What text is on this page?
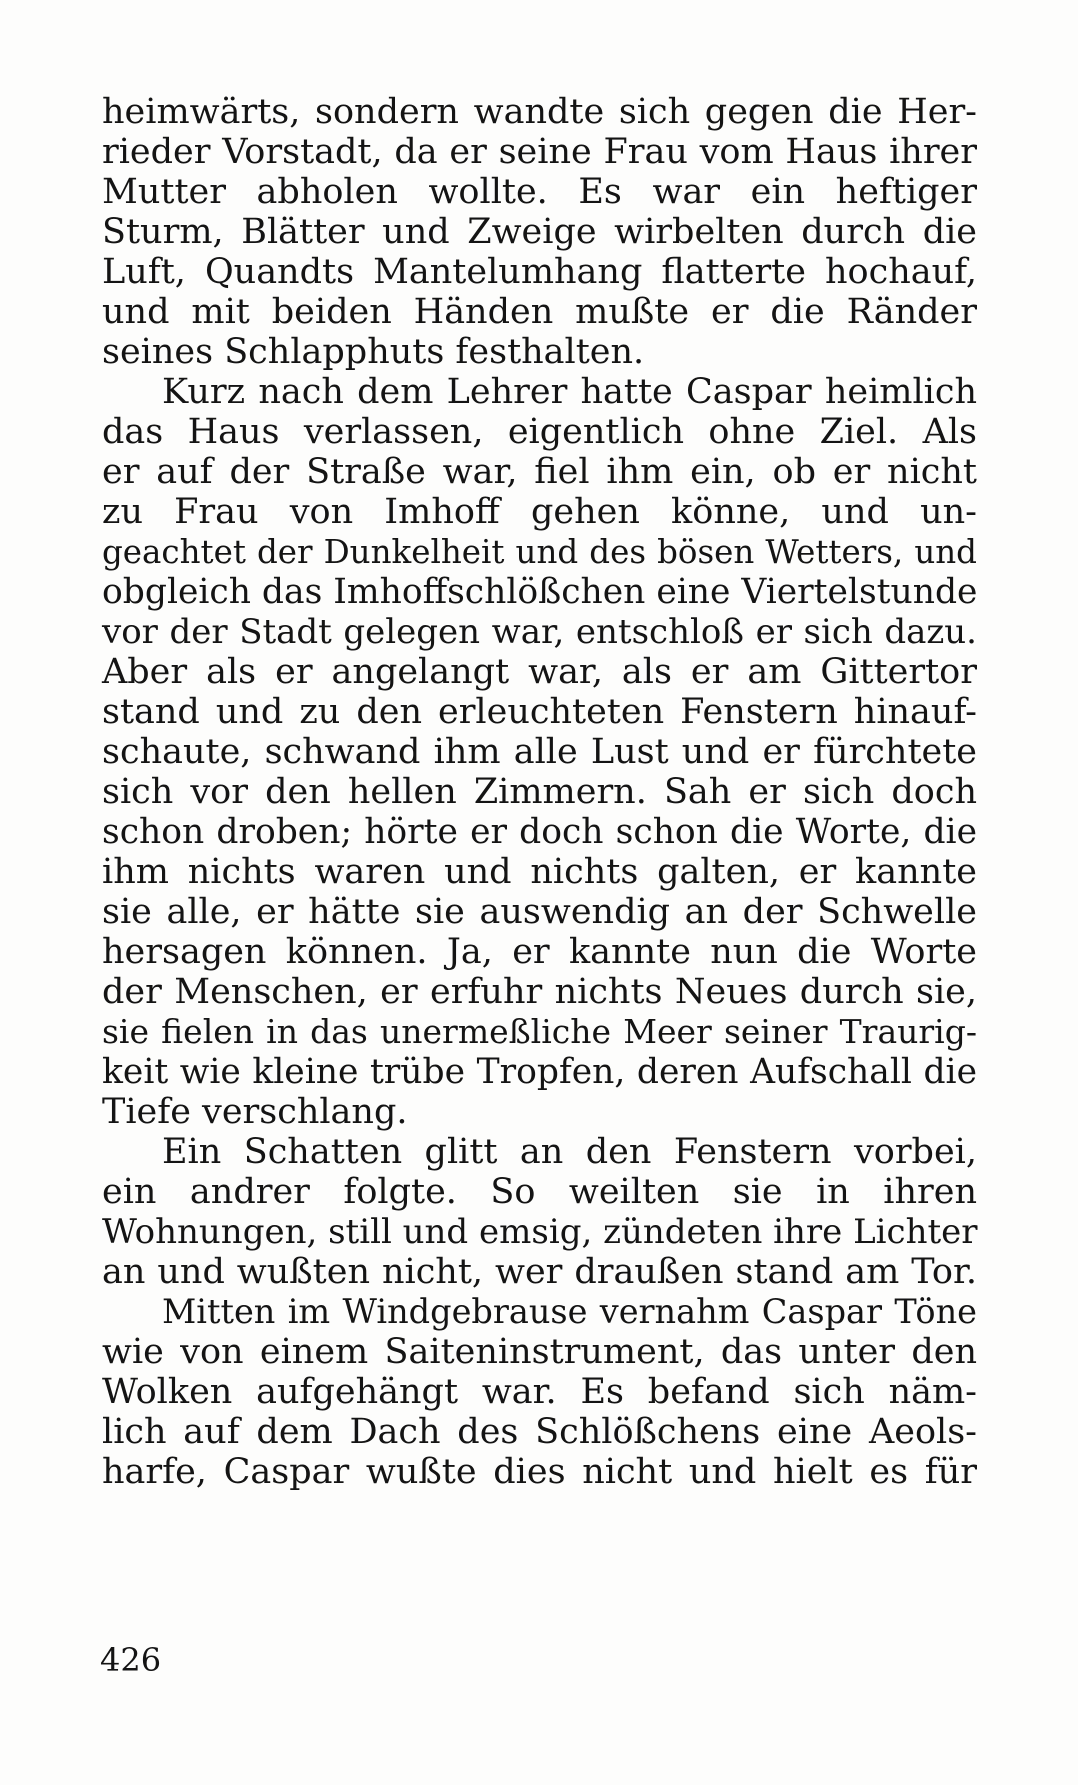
heimwärts, sondern wandte sich gegen die Her-
rieder Vorstadt, da er seine Frau vom Haus ihrer
Mutter abholen wollte. Es war ein heftiger
Sturm, Blätter und Zweige wirbelten durch die
Luft, Quandts Mantelumhang flatterte hochauf,
und mit beiden Händen mußte er die Ränder
seines Schlapphuts festhalten.
Kurz nach dem Lehrer hatte Caspar heimlich
das Haus verlassen, eigentlich ohne Ziel. Als
er auf der Straße war, fiel ihm ein, ob er nicht
zu Frau von Imhoff gehen könne, und un-
geachtet der Dunkelheit und des bösen Wetters, und
obgleich das Imhoffschlößchen eine Viertelstunde
vor der Stadt gelegen war, entschloß er sich dazu.
Aber als er angelangt war, als er am Gittertor
stand und zu den erleuchteten Fenstern hinauf-
schaute, schwand ihm alle Lust und er fürchtete
sich vor den hellen Zimmern. Sah er sich doch
schon droben; hörte er doch schon die Worte, die
ihm nichts waren und nichts galten, er kannte
sie alle, er hätte sie auswendig an der Schwelle
hersagen können. Ja, er kannte nun die Worte
der Menschen, er erfuhr nichts Neues durch sie,
sie fielen in das unermeßliche Meer seiner Traurig-
keit wie kleine trübe Tropfen, deren Aufschall die
Tiefe verschlang.
Ein Schatten glitt an den Fenstern vorbei,
ein andrer folgte. So weilten sie in ihren
Wohnungen, still und emsig, zündeten ihre Lichter
an und wußten nicht, wer draußen stand am Tor.
Mitten im Windgebrause vernahm Caspar Töne
wie von einem Saiteninstrument, das unter den
Wolken aufgehängt war. Es befand sich näm-
lich auf dem Dach des Schlößchens eine Aeols-
harfe, Caspar wußte dies nicht und hielt es für
426
